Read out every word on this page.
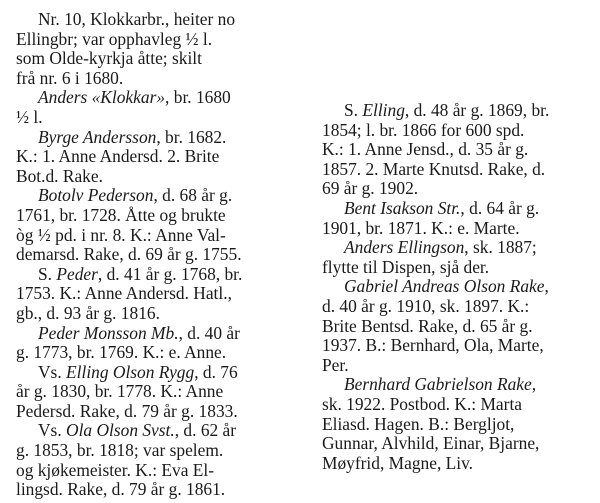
Nr. 10, Klokkarbr., heiter no
Ellingbr; var opphavleg ½ l.
som Olde-kyrkja åtte; skilt
frå nr. 6 i 1680.
Anders «Klokkar», br. 1680
½ l.
Byrge Andersson, br. 1682.
K.: 1. Anne Andersd. 2. Brite
Bot.d. Rake.
Botolv Pederson, d. 68 år g.
1761, br. 1728. Åtte og brukte
òg ½ pd. i nr. 8. K.: Anne Val-
demarsd. Rake, d. 69 år g. 1755.
S. Peder, d. 41 år g. 1768, br.
1753. K.: Anne Andersd. Hatl.,
gb., d. 93 år g. 1816.
Peder Monsson Mb., d. 40 år
g. 1773, br. 1769. K.: e. Anne.
Vs. Elling Olson Rygg, d. 76
år g. 1830, br. 1778. K.: Anne
Pedersd. Rake, d. 79 år g. 1833.
Vs. Ola Olson Svst., d. 62 år
g. 1853, br. 1818; var spelem.
og kjøkemeister. K.: Eva El-
lingsd. Rake, d. 79 år g. 1861.
S. Elling, d. 48 år g. 1869, br.
1854; l. br. 1866 for 600 spd.
K.: 1. Anne Jensd., d. 35 år g.
1857. 2. Marte Knutsd. Rake, d.
69 år g. 1902.
Bent Isakson Str., d. 64 år g.
1901, br. 1871. K.: e. Marte.
Anders Ellingson, sk. 1887;
flytte til Dispen, sjå der.
Gabriel Andreas Olson Rake,
d. 40 år g. 1910, sk. 1897. K.:
Brite Bentsd. Rake, d. 65 år g.
1937. B.: Bernhard, Ola, Marte,
Per.
Bernhard Gabrielson Rake,
sk. 1922. Postbod. K.: Marta
Eliasd. Hagen. B.: Bergljot,
Gunnar, Alvhild, Einar, Bjarne,
Møyfrid, Magne, Liv.
